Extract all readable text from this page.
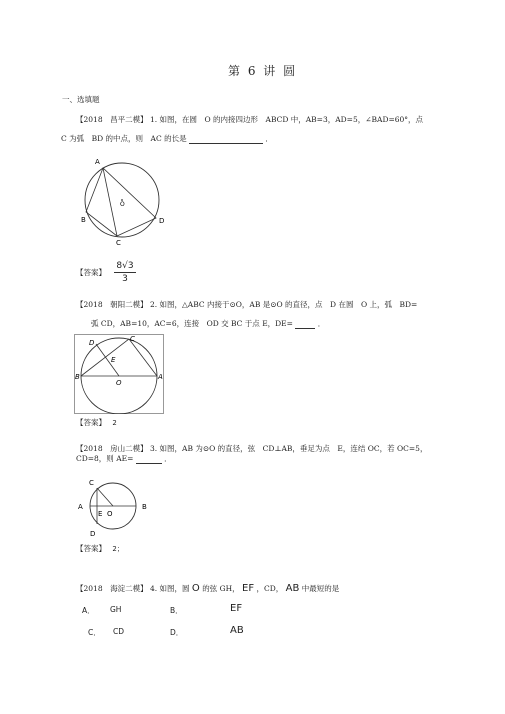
第 6 讲 圆
一、选填题
【2018　昌平二模】 1. 如图，在圆　O 的内接四边形　ABCD 中，AB=3，AD=5，∠BAD=60°，点
C 为弧　BD 的中点，则　AC 的长是	．
A
B
C
D
O
【答案】 $\frac{8√3}{3}$
【2018　朝阳二模】 2. 如图，△ABC 内接于⊙O，AB 是⊙O 的直径，点　D 在圆　O 上，弧　BD=
弧 CD，AB=10，AC=6，连接　OD 交 BC 于点 E，DE=	．
D	C
E
B	A
O
【答案】 2
【2018　房山二模】 3. 如图，AB 为⊙O 的直径，弦　CD⊥AB，垂足为点　E，连结 OC，若 OC=5，
CD=8，则 AE=	．
C
A	B
E O
D
【答案】 2；
【2018　海淀二模】 4. 如图，圆 O 的弦 GH， EF ，CD， AB 中最短的是
A． GH	B．	EF
C． CD	D．	AB
